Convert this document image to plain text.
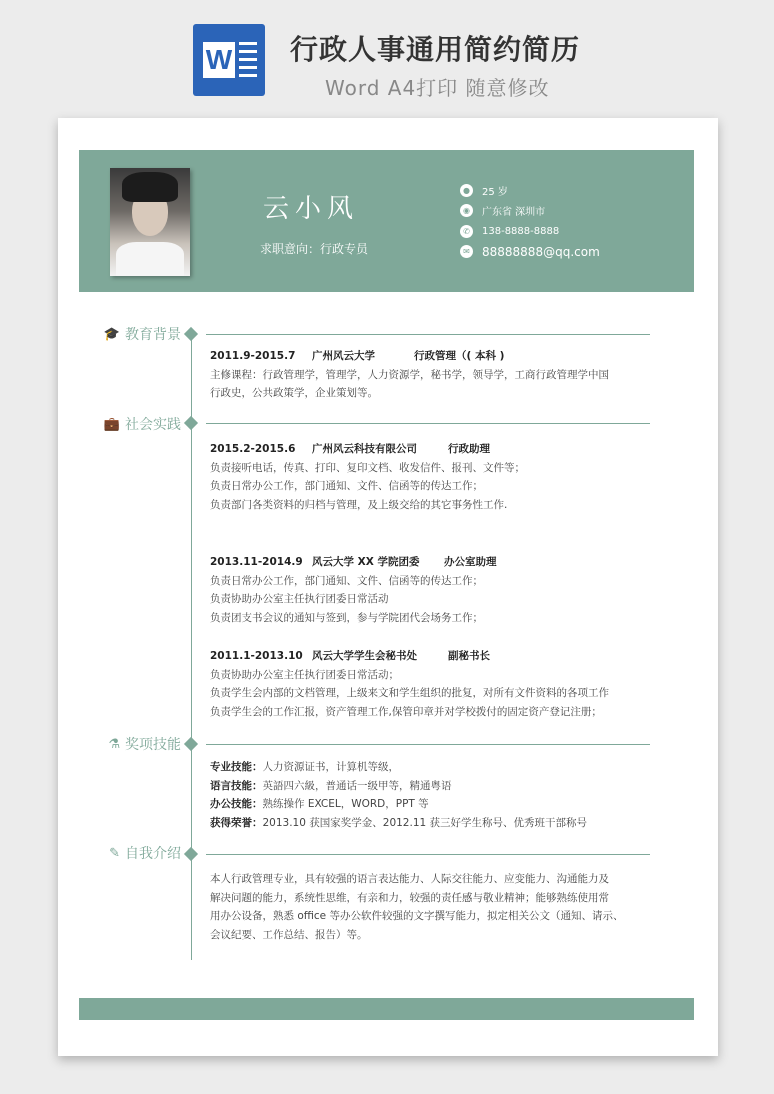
W 行政人事通用简约简历
Word A4打印 随意修改
云小风
求职意向：行政专员
●	25 岁
◉	广东省 深圳市
✆	138-8888-8888
✉ 88888888@qq.com
🎓 教育背景
2011.9-2015.7 广州风云大学	行政管理（( 本科 )
主修课程：行政管理学，管理学，人力资源学，秘书学，领导学，工商行政管理学中国
行政史，公共政策学，企业策划等。
💼 社会实践
2015.2-2015.6 广州风云科技有限公司	行政助理
负责接听电话，传真、打印、复印文档、收发信件、报刊、文件等；
负责日常办公工作，部门通知、文件、信函等的传达工作；
负责部门各类资料的归档与管理，及上级交给的其它事务性工作.
2013.11-2014.9 风云大学 XX 学院团委 办公室助理
负责日常办公工作，部门通知、文件、信函等的传达工作；
负责协助办公室主任执行团委日常活动
负责团支书会议的通知与签到，参与学院团代会场务工作；
2011.1-2013.10 风云大学学生会秘书处	副秘书长
负责协助办公室主任执行团委日常活动；
负责学生会内部的文档管理，上级来文和学生组织的批复，对所有文件资料的各项工作
负责学生会的工作汇报，资产管理工作,保管印章并对学校拨付的固定资产登记注册；
⚗ 奖项技能
专业技能：人力资源证书，计算机等级，
语言技能：英語四六級，普通话一级甲等，精通粤语
办公技能：熟练操作 EXCEL，WORD，PPT 等
获得荣誉：2013.10 获国家奖学金、2012.11 获三好学生称号、优秀班干部称号
✎ 自我介绍
本人行政管理专业，具有较强的语言表达能力、人际交往能力、应变能力、沟通能力及
解决问题的能力，系统性思维，有亲和力，较强的责任感与敬业精神；能够熟练使用常
用办公设备，熟悉 office 等办公软件较强的文字撰写能力，拟定相关公文（通知、请示、
会议纪要、工作总结、报告）等。
